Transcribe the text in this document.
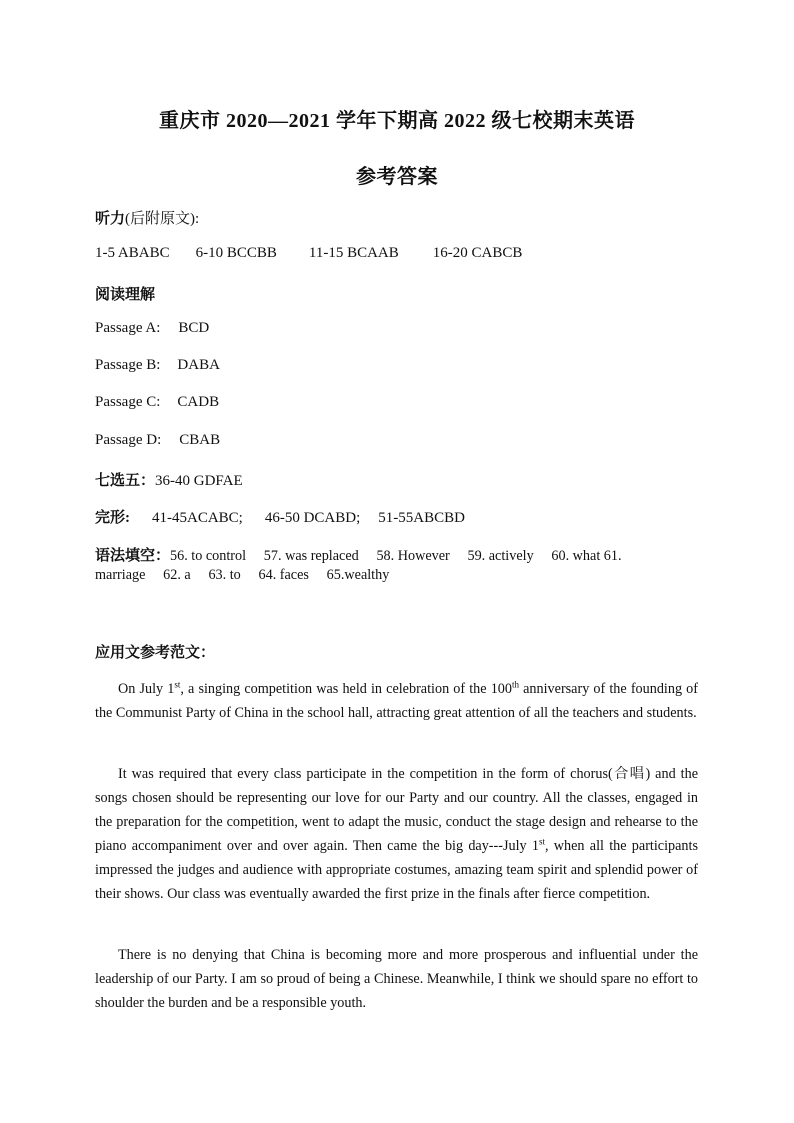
重庆市 2020—2021 学年下期高 2022 级七校期末英语
参考答案
听力(后附原文):
1-5 ABABC 6-10 BCCBB 11-15 BCAAB 16-20 CABCB
阅读理解
Passage A: BCD
Passage B: DABA
Passage C: CADB
Passage D: CBAB
七选五：36-40 GDFAE
完形: 41-45ACABC; 46-50 DCABD; 51-55ABCBD
语法填空：56. to control     57. was replaced     58. However     59. actively     60. what 61.
marriage     62. a     63. to     64. faces     65.wealthy
应用文参考范文：
On July 1st, a singing competition was held in celebration of the 100th anniversary of the founding of the Communist Party of China in the school hall, attracting great attention of all the teachers and students.
It was required that every class participate in the competition in the form of chorus(合唱) and the songs chosen should be representing our love for our Party and our country. All the classes, engaged in the preparation for the competition, went to adapt the music, conduct the stage design and rehearse to the piano accompaniment over and over again. Then came the big day---July 1st, when all the participants impressed the judges and audience with appropriate costumes, amazing team spirit and splendid power of their shows. Our class was eventually awarded the first prize in the finals after fierce competition.
There is no denying that China is becoming more and more prosperous and influential under the leadership of our Party. I am so proud of being a Chinese. Meanwhile, I think we should spare no effort to shoulder the burden and be a responsible youth.
